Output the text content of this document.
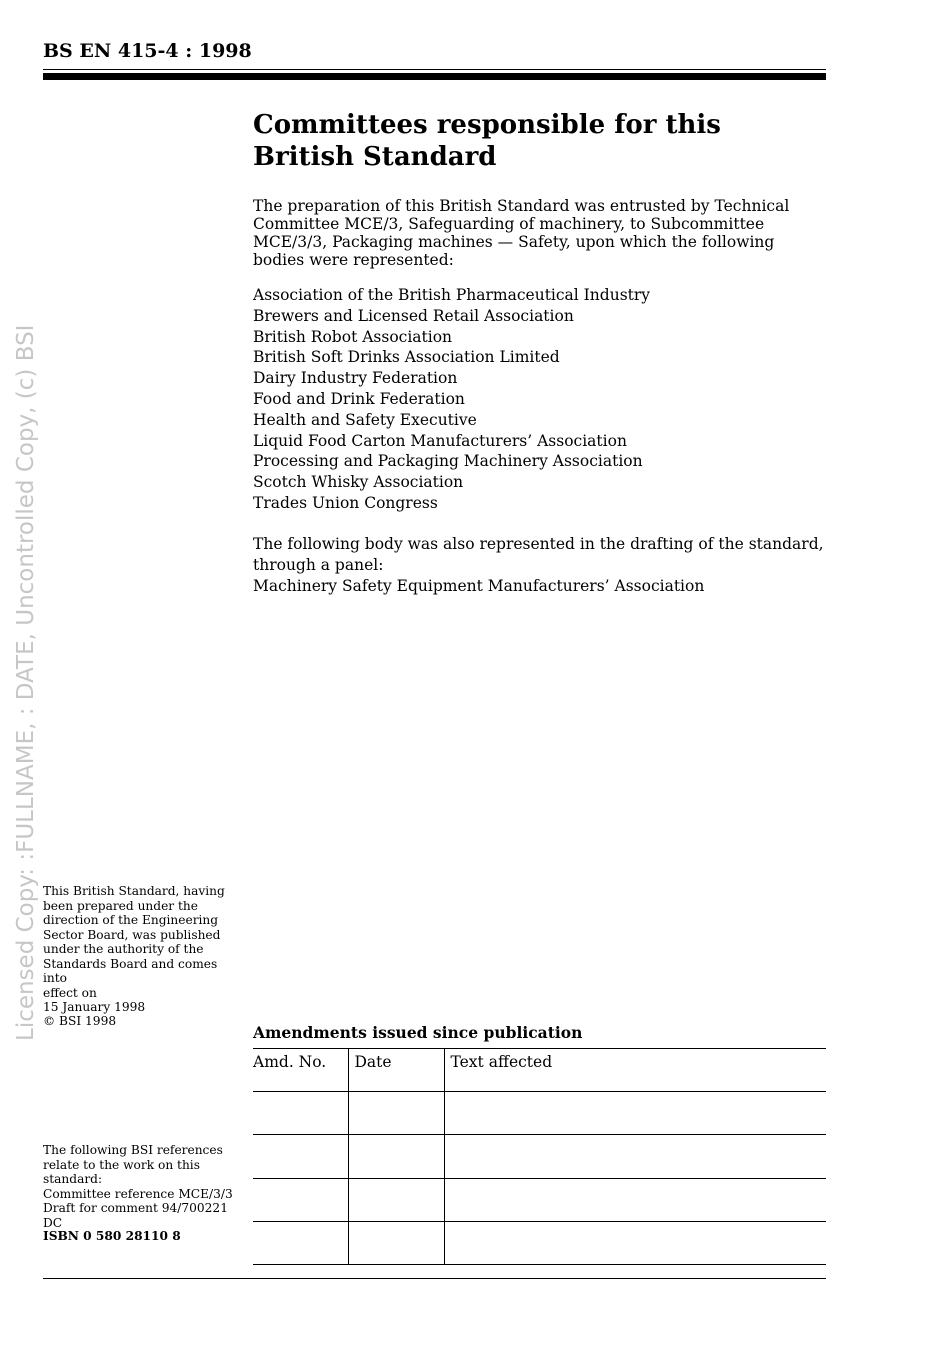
BS EN 415-4 : 1998
Licensed Copy: :FULLNAME, : DATE, Uncontrolled Copy, (c) BSI
Committees responsible for this
British Standard
The preparation of this British Standard was entrusted by Technical Committee MCE/3, Safeguarding of machinery, to Subcommittee MCE/3/3, Packaging machines — Safety, upon which the following bodies were represented:
Association of the British Pharmaceutical Industry
Brewers and Licensed Retail Association
British Robot Association
British Soft Drinks Association Limited
Dairy Industry Federation
Food and Drink Federation
Health and Safety Executive
Liquid Food Carton Manufacturers’ Association
Processing and Packaging Machinery Association
Scotch Whisky Association
Trades Union Congress
The following body was also represented in the drafting of the standard, through a panel:
Machinery Safety Equipment Manufacturers’ Association
This British Standard, having
been prepared under the
direction of the Engineering
Sector Board, was published
under the authority of the
Standards Board and comes into
effect on
15 January 1998
© BSI 1998
The following BSI references
relate to the work on this
standard:
Committee reference MCE/3/3
Draft for comment 94/700221 DC
ISBN 0 580 28110 8
Amendments issued since publication
Amd. No.	Date	Text affected
